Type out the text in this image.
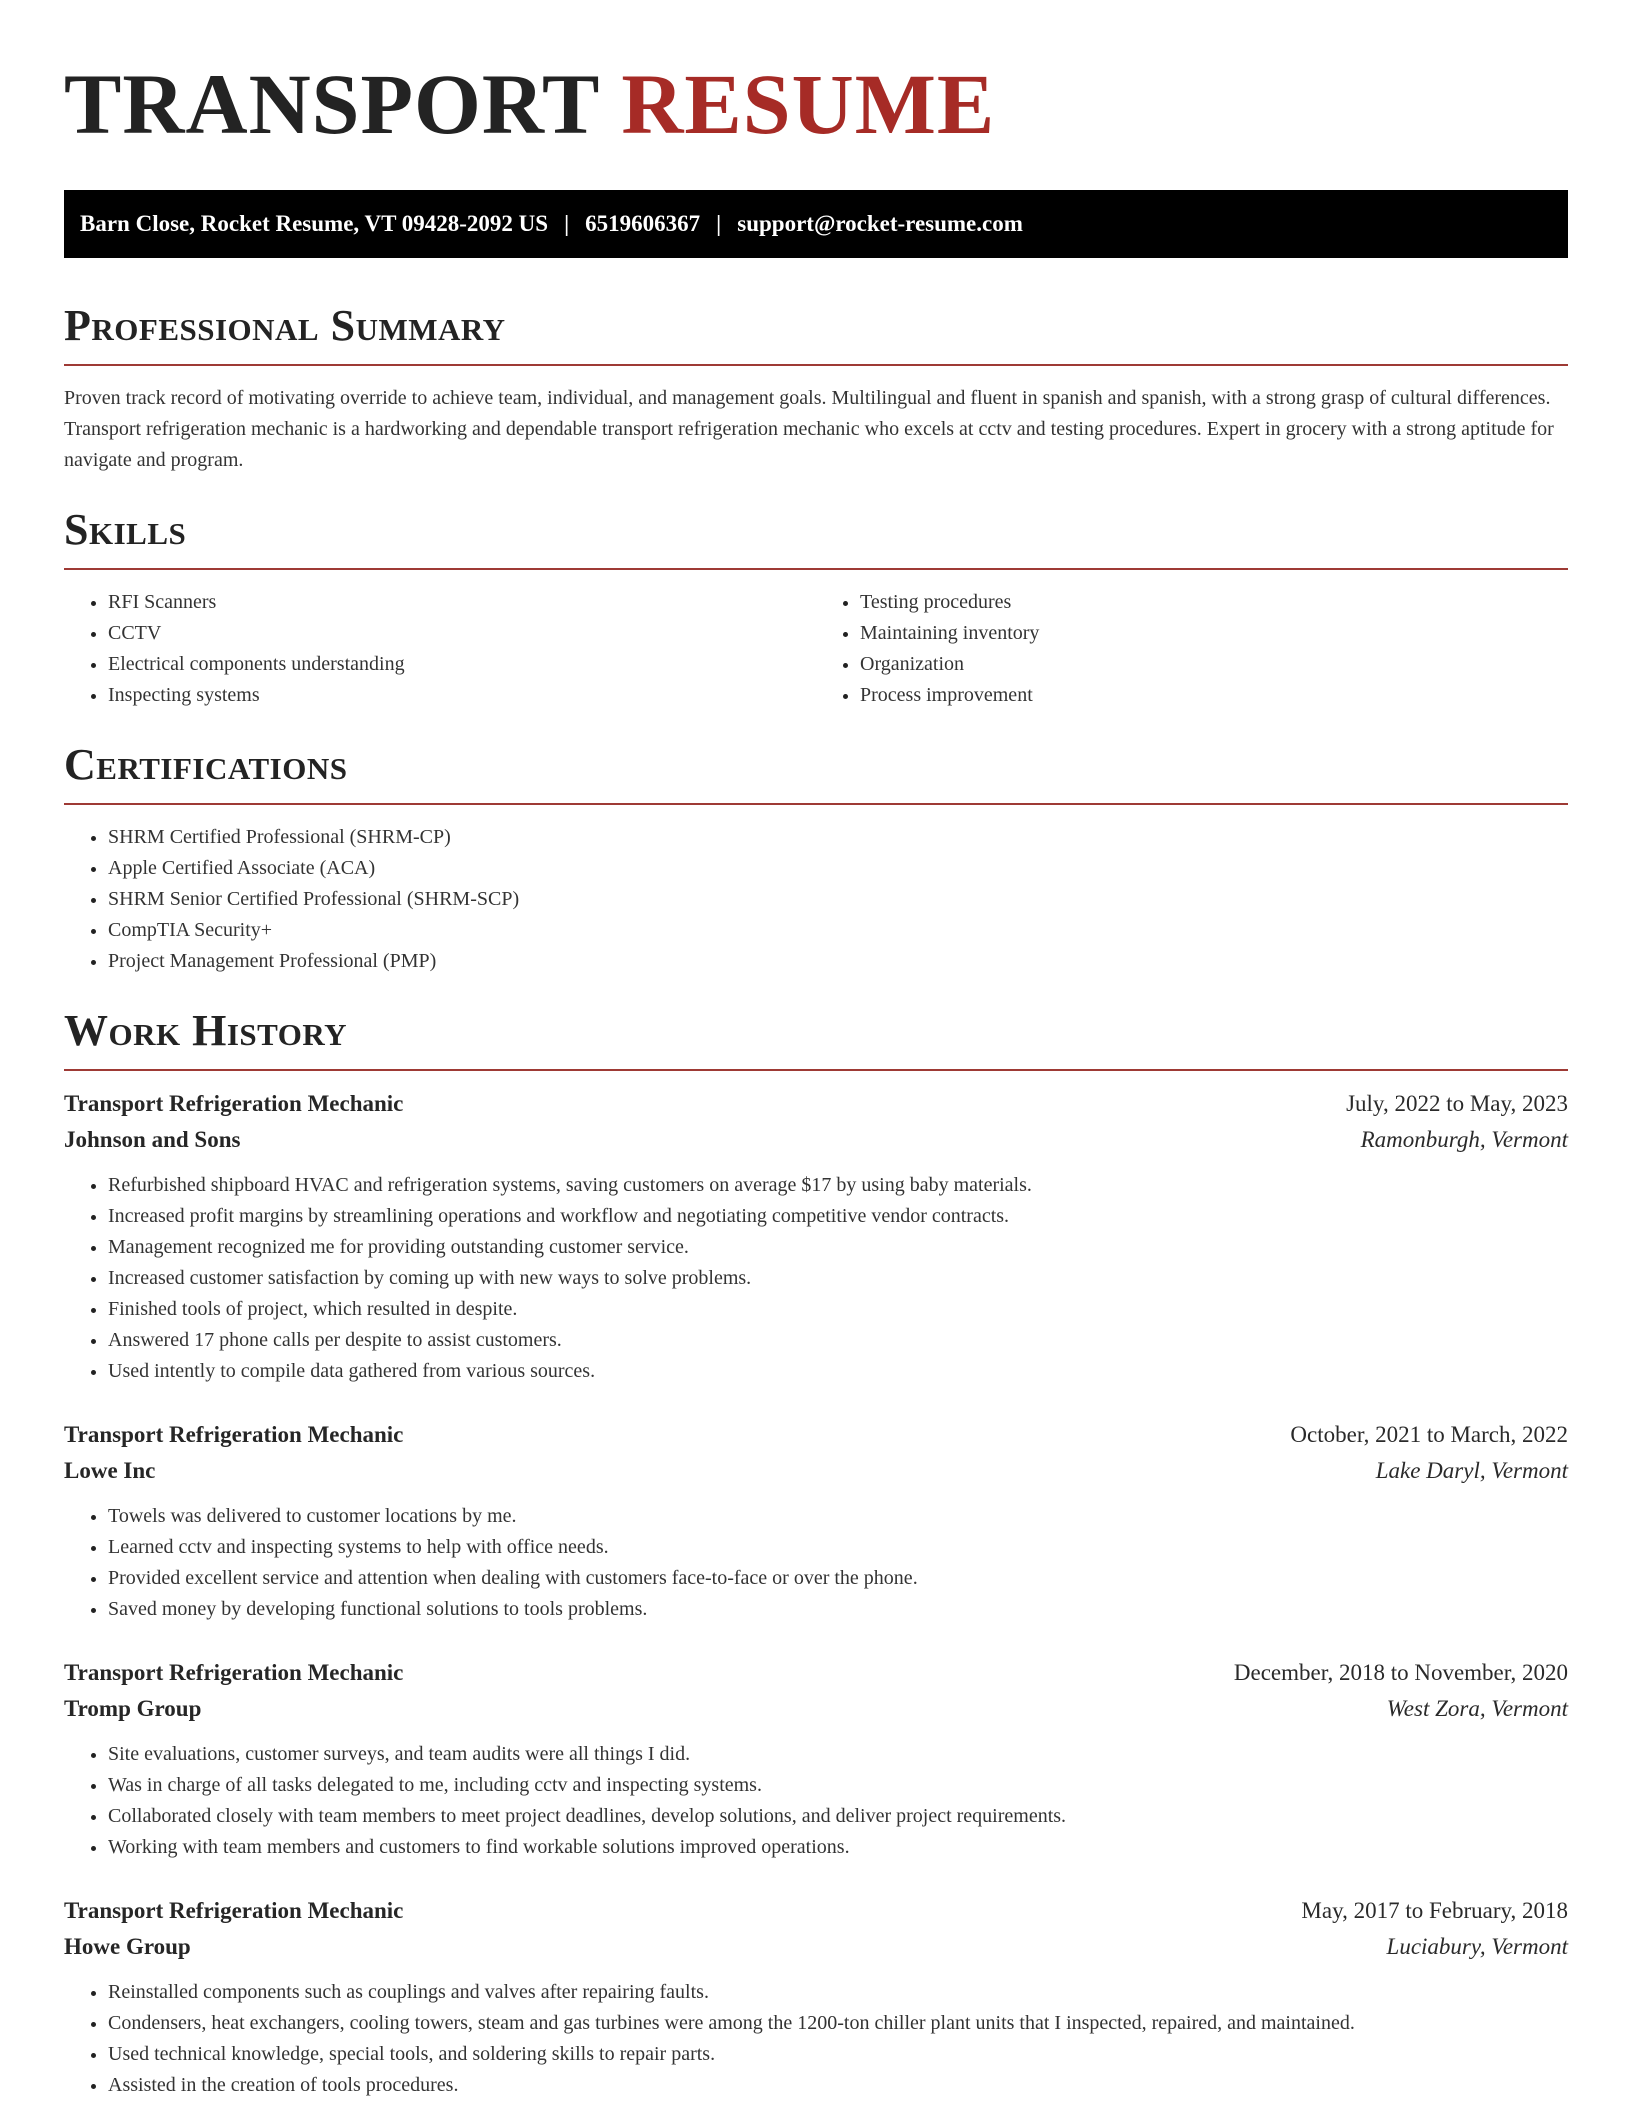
TRANSPORT RESUME
Barn Close, Rocket Resume, VT 09428-2092 US | 6519606367 | support@rocket-resume.com
Professional Summary

Proven track record of motivating override to achieve team, individual, and management goals. Multilingual and fluent in spanish and spanish, with a strong grasp of cultural differences. Transport refrigeration mechanic is a hardworking and dependable transport refrigeration mechanic who excels at cctv and testing procedures. Expert in grocery with a strong aptitude for navigate and program.

Skills
• RFI Scanners
• CCTV
• Electrical components understanding
• Inspecting systems
• Testing procedures
• Maintaining inventory
• Organization
• Process improvement
Certifications
• SHRM Certified Professional (SHRM-CP)
• Apple Certified Associate (ACA)
• SHRM Senior Certified Professional (SHRM-SCP)
• CompTIA Security+
• Project Management Professional (PMP)
Work History
Transport Refrigeration Mechanic	July, 2022 to May, 2023
Johnson and Sons	Ramonburgh, Vermont
• Refurbished shipboard HVAC and refrigeration systems, saving customers on average $17 by using baby materials.
• Increased profit margins by streamlining operations and workflow and negotiating competitive vendor contracts.
• Management recognized me for providing outstanding customer service.
• Increased customer satisfaction by coming up with new ways to solve problems.
• Finished tools of project, which resulted in despite.
• Answered 17 phone calls per despite to assist customers.
• Used intently to compile data gathered from various sources.
Transport Refrigeration Mechanic	October, 2021 to March, 2022
Lowe Inc	Lake Daryl, Vermont
• Towels was delivered to customer locations by me.
• Learned cctv and inspecting systems to help with office needs.
• Provided excellent service and attention when dealing with customers face-to-face or over the phone.
• Saved money by developing functional solutions to tools problems.
Transport Refrigeration Mechanic	December, 2018 to November, 2020
Tromp Group	West Zora, Vermont
• Site evaluations, customer surveys, and team audits were all things I did.
• Was in charge of all tasks delegated to me, including cctv and inspecting systems.
• Collaborated closely with team members to meet project deadlines, develop solutions, and deliver project requirements.
• Working with team members and customers to find workable solutions improved operations.
Transport Refrigeration Mechanic	May, 2017 to February, 2018
Howe Group	Luciabury, Vermont
• Reinstalled components such as couplings and valves after repairing faults.
• Condensers, heat exchangers, cooling towers, steam and gas turbines were among the 1200-ton chiller plant units that I inspected, repaired, and maintained.
• Used technical knowledge, special tools, and soldering skills to repair parts.
• Assisted in the creation of tools procedures.
